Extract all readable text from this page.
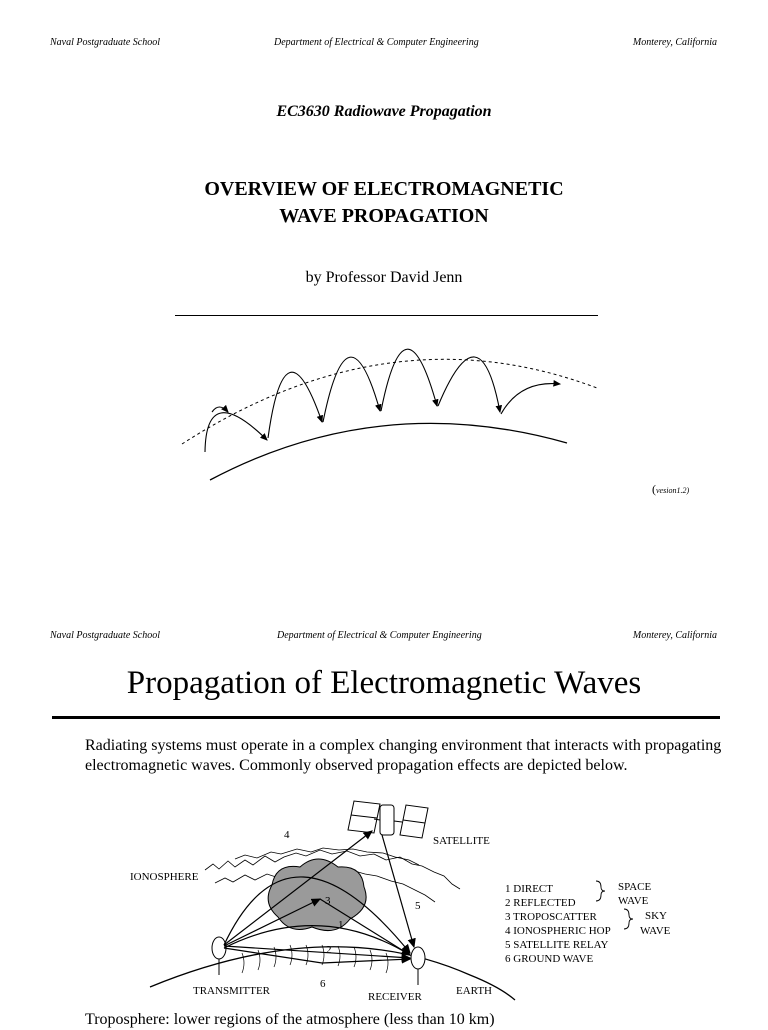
Naval Postgraduate School	Department of Electrical & Computer Engineering	Monterey, California
EC3630 Radiowave Propagation
OVERVIEW OF ELECTROMAGNETIC
WAVE PROPAGATION
by Professor David Jenn
(vesion1.2)
Naval Postgraduate School	Department of Electrical & Computer Engineering	Monterey, California
Propagation of Electromagnetic Waves
Radiating systems must operate in a complex changing environment that interacts with propagating electromagnetic waves. Commonly observed propagation effects are depicted below.
4
3
1
5
2
6
IONOSPHERE
SATELLITE
TRANSMITTER	RECEIVER	EARTH
1 DIRECT
2 REFLECTED
3 TROPOSCATTER
4 IONOSPHERIC HOP
5 SATELLITE RELAY
6 GROUND WAVE
SPACE
WAVE
SKY
WAVE
Troposphere: lower regions of the atmosphere (less than 10 km)
